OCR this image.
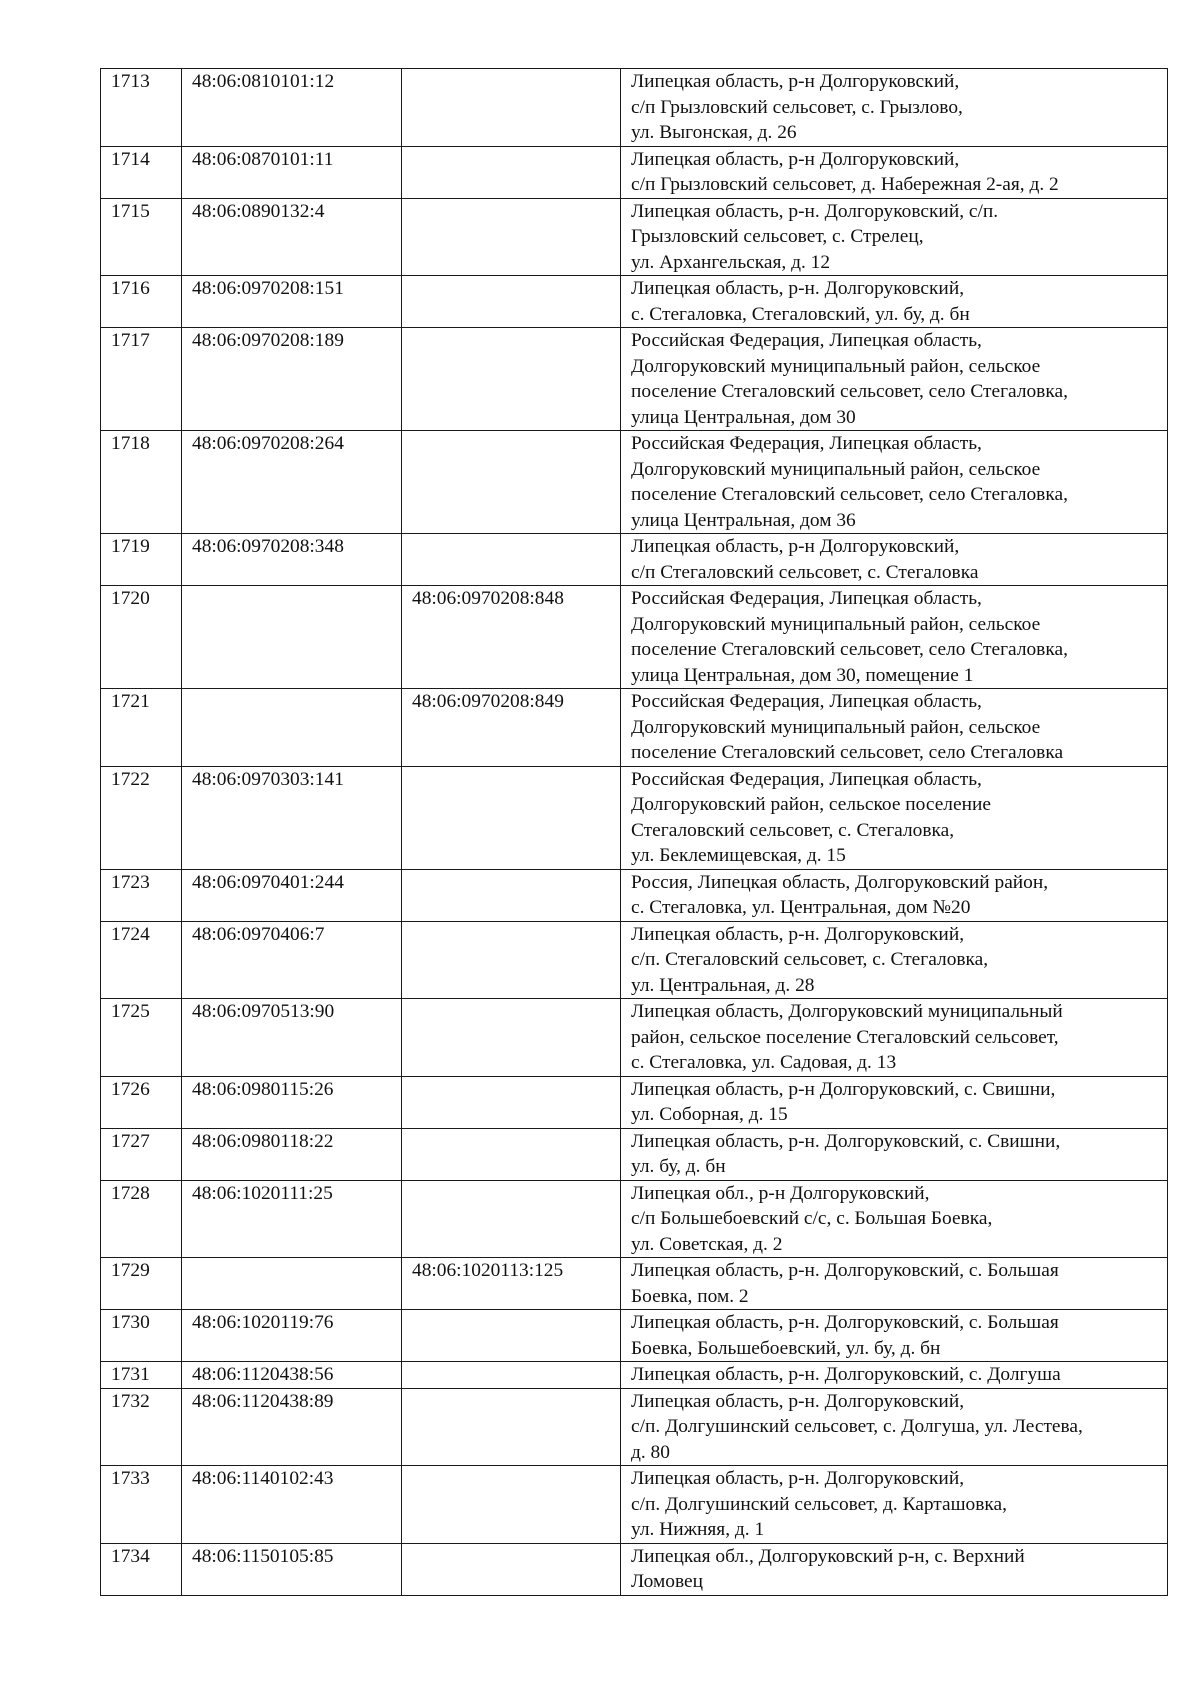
1713	48:06:0810101:12		Липецкая область, р-н Долгоруковский,
с/п Грызловский сельсовет, с. Грызлово,
ул. Выгонская, д. 26
1714	48:06:0870101:11		Липецкая область, р-н Долгоруковский,
с/п Грызловский сельсовет, д. Набережная 2-ая, д. 2
1715	48:06:0890132:4		Липецкая область, р-н. Долгоруковский, с/п.
Грызловский сельсовет, с. Стрелец,
ул. Архангельская, д. 12
1716	48:06:0970208:151		Липецкая область, р-н. Долгоруковский,
с. Стегаловка, Стегаловский, ул. бу, д. бн
1717	48:06:0970208:189		Российская Федерация, Липецкая область,
Долгоруковский муниципальный район, сельское
поселение Стегаловский сельсовет, село Стегаловка,
улица Центральная, дом 30
1718	48:06:0970208:264		Российская Федерация, Липецкая область,
Долгоруковский муниципальный район, сельское
поселение Стегаловский сельсовет, село Стегаловка,
улица Центральная, дом 36
1719	48:06:0970208:348		Липецкая область, р-н Долгоруковский,
с/п Стегаловский сельсовет, с. Стегаловка
1720		48:06:0970208:848	Российская Федерация, Липецкая область,
Долгоруковский муниципальный район, сельское
поселение Стегаловский сельсовет, село Стегаловка,
улица Центральная, дом 30, помещение 1
1721		48:06:0970208:849	Российская Федерация, Липецкая область,
Долгоруковский муниципальный район, сельское
поселение Стегаловский сельсовет, село Стегаловка
1722	48:06:0970303:141		Российская Федерация, Липецкая область,
Долгоруковский район, сельское поселение
Стегаловский сельсовет, с. Стегаловка,
ул. Беклемищевская, д. 15
1723	48:06:0970401:244		Россия, Липецкая область, Долгоруковский район,
с. Стегаловка, ул. Центральная, дом №20
1724	48:06:0970406:7		Липецкая область, р-н. Долгоруковский,
с/п. Стегаловский сельсовет, с. Стегаловка,
ул. Центральная, д. 28
1725	48:06:0970513:90		Липецкая область, Долгоруковский муниципальный
район, сельское поселение Стегаловский сельсовет,
с. Стегаловка, ул. Садовая, д. 13
1726	48:06:0980115:26		Липецкая область, р-н Долгоруковский, с. Свишни,
ул. Соборная, д. 15
1727	48:06:0980118:22		Липецкая область, р-н. Долгоруковский, с. Свишни,
ул. бу, д. бн
1728	48:06:1020111:25		Липецкая обл., р-н Долгоруковский,
с/п Большебоевский с/с, с. Большая Боевка,
ул. Советская, д. 2
1729		48:06:1020113:125	Липецкая область, р-н. Долгоруковский, с. Большая
Боевка, пом. 2
1730	48:06:1020119:76		Липецкая область, р-н. Долгоруковский, с. Большая
Боевка, Большебоевский, ул. бу, д. бн
1731	48:06:1120438:56		Липецкая область, р-н. Долгоруковский, с. Долгуша
1732	48:06:1120438:89		Липецкая область, р-н. Долгоруковский,
с/п. Долгушинский сельсовет, с. Долгуша, ул. Лестева,
д. 80
1733	48:06:1140102:43		Липецкая область, р-н. Долгоруковский,
с/п. Долгушинский сельсовет, д. Карташовка,
ул. Нижняя, д. 1
1734	48:06:1150105:85		Липецкая обл., Долгоруковский р-н, с. Верхний
Ломовец
